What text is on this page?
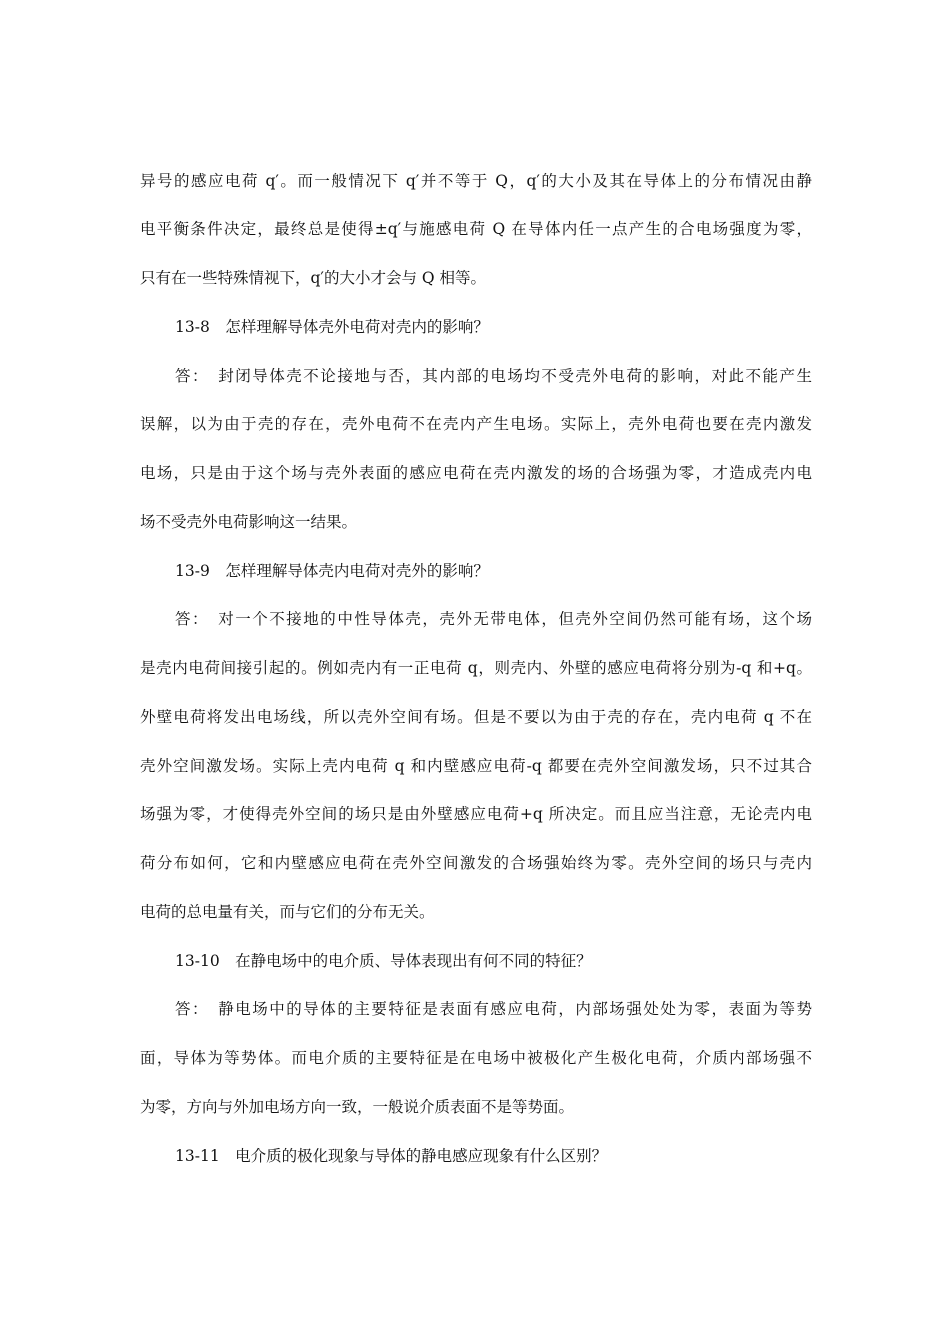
异号的感应电荷 q′。而一般情况下 q′并不等于 Q，q′的大小及其在导体上的分布情况由静
电平衡条件决定，最终总是使得±q′与施感电荷 Q 在导体内任一点产生的合电场强度为零，
只有在一些特殊情视下，q′的大小才会与 Q 相等。
13-8　怎样理解导体壳外电荷对壳内的影响？
答：　封闭导体壳不论接地与否，其内部的电场均不受壳外电荷的影响，对此不能产生
误解，以为由于壳的存在，壳外电荷不在壳内产生电场。实际上，壳外电荷也要在壳内激发
电场，只是由于这个场与壳外表面的感应电荷在壳内激发的场的合场强为零，才造成壳内电
场不受壳外电荷影响这一结果。
13-9　怎样理解导体壳内电荷对壳外的影响？
答：　对一个不接地的中性导体壳，壳外无带电体，但壳外空间仍然可能有场，这个场
是壳内电荷间接引起的。例如壳内有一正电荷 q，则壳内、外壁的感应电荷将分别为-q 和+q。
外壁电荷将发出电场线，所以壳外空间有场。但是不要以为由于壳的存在，壳内电荷 q 不在
壳外空间激发场。实际上壳内电荷 q 和内壁感应电荷-q 都要在壳外空间激发场，只不过其合
场强为零，才使得壳外空间的场只是由外壁感应电荷+q 所决定。而且应当注意，无论壳内电
荷分布如何，它和内壁感应电荷在壳外空间激发的合场强始终为零。壳外空间的场只与壳内
电荷的总电量有关，而与它们的分布无关。
13-10　在静电场中的电介质、导体表现出有何不同的特征？
答：　静电场中的导体的主要特征是表面有感应电荷，内部场强处处为零，表面为等势
面，导体为等势体。而电介质的主要特征是在电场中被极化产生极化电荷，介质内部场强不
为零，方向与外加电场方向一致，一般说介质表面不是等势面。
13-11　电介质的极化现象与导体的静电感应现象有什么区别？
